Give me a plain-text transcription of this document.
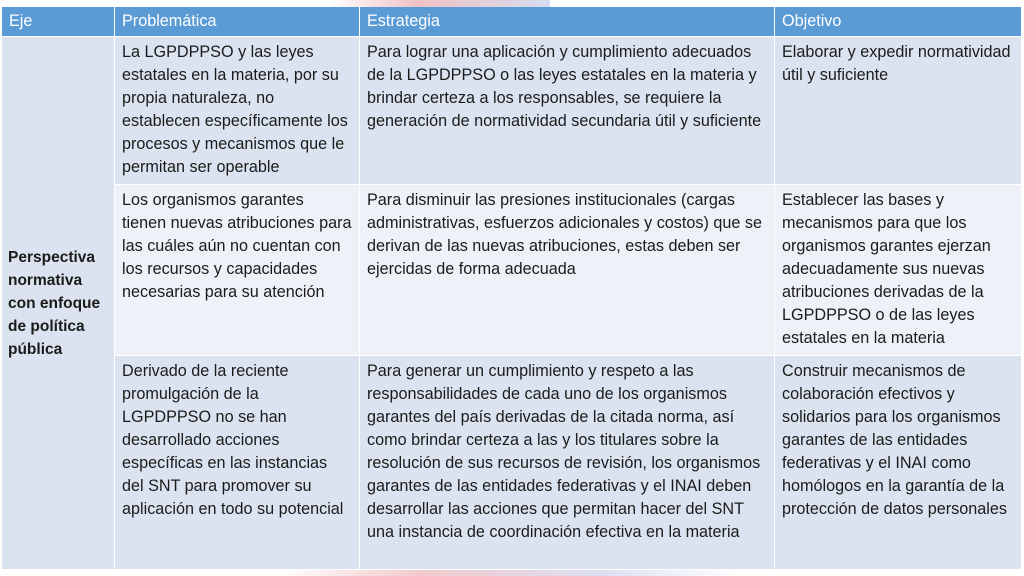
Eje	Problemática	Estrategia	Objetivo
Perspectiva normativa con enfoque de política pública	La LGPDPPSO y las leyes estatales en la materia, por su propia naturaleza, no establecen específicamente los procesos y mecanismos que le permitan ser operable	Para lograr una aplicación y cumplimiento adecuados de la LGPDPPSO o las leyes estatales en la materia y brindar certeza a los responsables, se requiere la generación de normatividad secundaria útil y suficiente	Elaborar y expedir normatividad útil y suficiente
	Los organismos garantes tienen nuevas atribuciones para las cuáles aún no cuentan con los recursos y capacidades necesarias para su atención	Para disminuir las presiones institucionales (cargas administrativas, esfuerzos adicionales y costos) que se derivan de las nuevas atribuciones, estas deben ser ejercidas de forma adecuada	Establecer las bases y mecanismos para que los organismos garantes ejerzan adecuadamente sus nuevas atribuciones derivadas de la LGPDPPSO o de las leyes estatales en la materia
	Derivado de la reciente promulgación de la LGPDPPSO no se han desarrollado acciones específicas en las instancias del SNT para promover su aplicación en todo su potencial	Para generar un cumplimiento y respeto a las responsabilidades de cada uno de los organismos garantes del país derivadas de la citada norma, así como brindar certeza a las y los titulares sobre la resolución de sus recursos de revisión, los organismos garantes de las entidades federativas y el INAI deben desarrollar las acciones que permitan hacer del SNT una instancia de coordinación efectiva en la materia	Construir mecanismos de colaboración efectivos y solidarios para los organismos garantes de las entidades federativas y el INAI como homólogos en la garantía de la protección de datos personales
